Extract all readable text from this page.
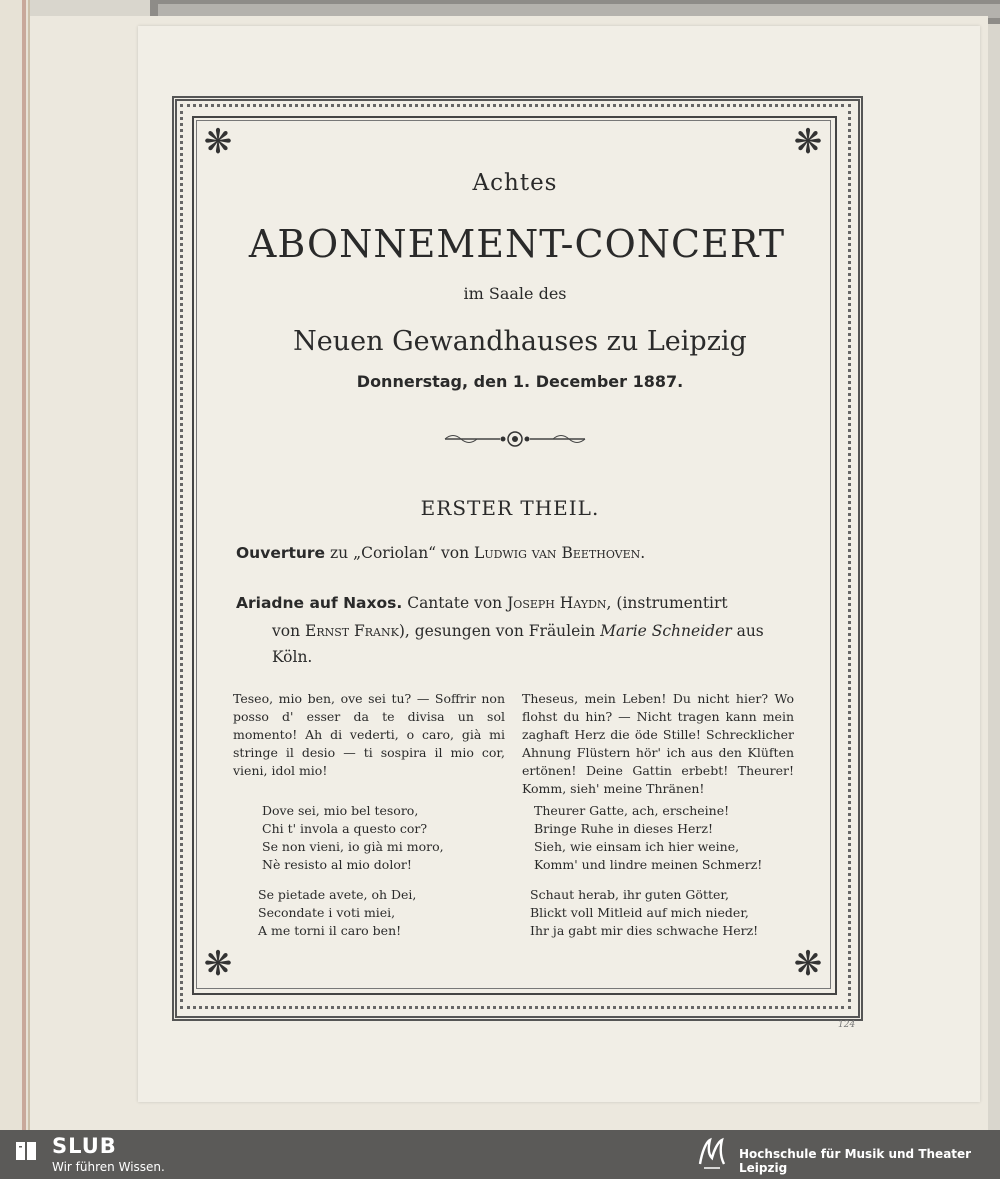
❋	❋
❋	❋
Achtes
ABONNEMENT-CONCERT
im Saale des
Neuen Gewandhauses zu Leipzig
Donnerstag, den 1. December 1887.
ERSTER THEIL.
Ouverture zu „Coriolan“ von Ludwig van Beethoven.
Ariadne auf Naxos. Cantate von Joseph Haydn, (instrumentirt
von Ernst Frank), gesungen von Fräulein Marie Schneider aus
Köln.
Teseo, mio ben, ove sei tu? — Soffrir non posso d' esser da te divisa un sol momento! Ah di vederti, o caro, già mi stringe il desio — ti sospira il mio cor, vieni, idol mio!
Theseus, mein Leben! Du nicht hier? Wo flohst du hin? — Nicht tragen kann mein zaghaft Herz die öde Stille! Schrecklicher Ahnung Flüstern hör' ich aus den Klüften ertönen! Deine Gattin erbebt! Theurer! Komm, sieh' meine Thränen!
Dove sei, mio bel tesoro,
Chi t' invola a questo cor?
Se non vieni, io già mi moro,
Nè resisto al mio dolor!
Theurer Gatte, ach, erscheine!
Bringe Ruhe in dieses Herz!
Sieh, wie einsam ich hier weine,
Komm' und lindre meinen Schmerz!
Se pietade avete, oh Dei,
Secondate i voti miei,
A me torni il caro ben!
Schaut herab, ihr guten Götter,
Blickt voll Mitleid auf mich nieder,
Ihr ja gabt mir dies schwache Herz!
124
SLUB
Wir führen Wissen.
Hochschule für Musik und Theater Leipzig
